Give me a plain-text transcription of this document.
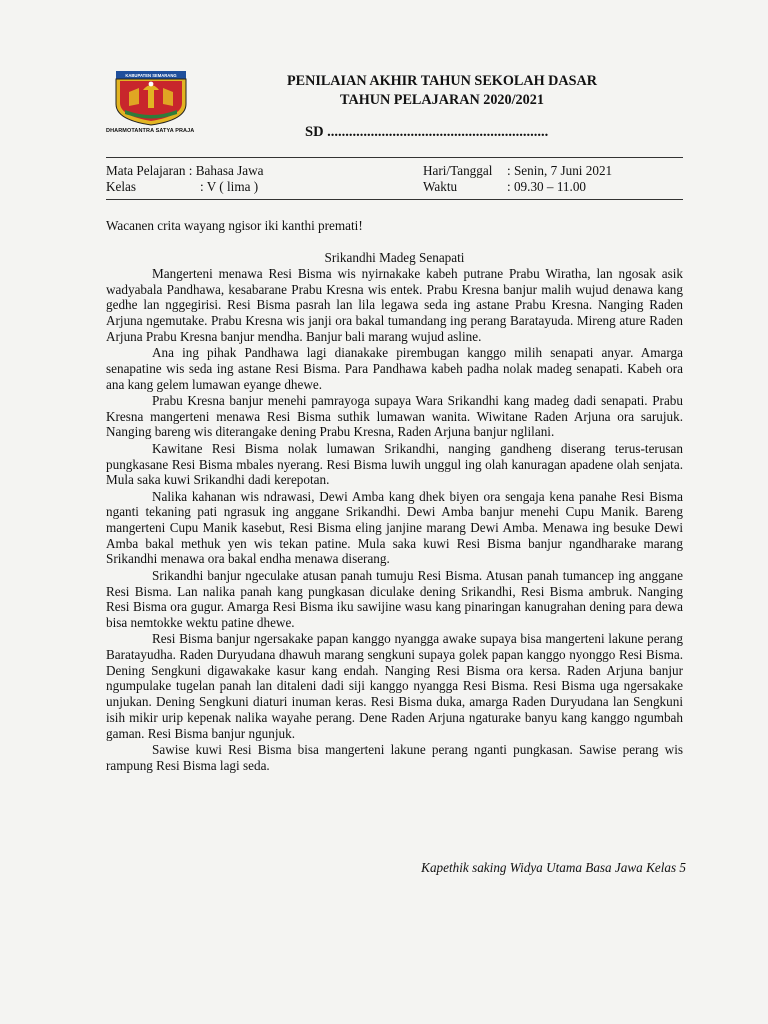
KABUPATEN SEMARANG
DHARMOTANTRA SATYA PRAJA
PENILAIAN AKHIR TAHUN SEKOLAH DASAR
TAHUN PELAJARAN 2020/2021
SD .............................................................
Mata Pelajaran : Bahasa Jawa
Kelas	: V ( lima )
Hari/Tanggal : Senin, 7 Juni 2021
Waktu	: 09.30 – 11.00
Wacanen crita wayang ngisor iki kanthi premati!
Srikandhi Madeg Senapati

Mangerteni menawa Resi Bisma wis nyirnakake kabeh putrane Prabu Wiratha, lan ngosak asik wadyabala Pandhawa, kesabarane Prabu Kresna wis entek. Prabu Kresna banjur malih wujud denawa kang gedhe lan nggegirisi. Resi Bisma pasrah lan lila legawa seda ing astane Prabu Kresna. Nanging Raden Arjuna ngemutake. Prabu Kresna wis janji ora bakal tumandang ing perang Baratayuda. Mireng ature Raden Arjuna Prabu Kresna banjur mendha. Banjur bali marang wujud asline.

Ana ing pihak Pandhawa lagi dianakake pirembugan kanggo milih senapati anyar. Amarga senapatine wis seda ing astane Resi Bisma. Para Pandhawa kabeh padha nolak madeg senapati. Kabeh ora ana kang gelem lumawan eyange dhewe.

Prabu Kresna banjur menehi pamrayoga supaya Wara Srikandhi kang madeg dadi senapati. Prabu Kresna mangerteni menawa Resi Bisma suthik lumawan wanita. Wiwitane Raden Arjuna ora sarujuk. Nanging bareng wis diterangake dening Prabu Kresna, Raden Arjuna banjur nglilani.

Kawitane Resi Bisma nolak lumawan Srikandhi, nanging gandheng diserang terus-terusan pungkasane Resi Bisma mbales nyerang. Resi Bisma luwih unggul ing olah kanuragan apadene olah senjata. Mula saka kuwi Srikandhi dadi kerepotan.

Nalika kahanan wis ndrawasi, Dewi Amba kang dhek biyen ora sengaja kena panahe Resi Bisma nganti tekaning pati ngrasuk ing anggane Srikandhi. Dewi Amba banjur menehi Cupu Manik. Bareng mangerteni Cupu Manik kasebut, Resi Bisma eling janjine marang Dewi Amba. Menawa ing besuke Dewi Amba bakal methuk yen wis tekan patine. Mula saka kuwi Resi Bisma banjur ngandharake marang Srikandhi menawa ora bakal endha menawa diserang.

Srikandhi banjur ngeculake atusan panah tumuju Resi Bisma. Atusan panah tumancep ing anggane Resi Bisma. Lan nalika panah kang pungkasan diculake dening Srikandhi, Resi Bisma ambruk. Nanging Resi Bisma ora gugur. Amarga Resi Bisma iku sawijine wasu kang pinaringan kanugrahan dening para dewa bisa nemtokke wektu patine dhewe.

Resi Bisma banjur ngersakake papan kanggo nyangga awake supaya bisa mangerteni lakune perang Baratayudha. Raden Duryudana dhawuh marang sengkuni supaya golek papan kanggo nyonggo Resi Bisma. Dening Sengkuni digawakake kasur kang endah. Nanging Resi Bisma ora kersa. Raden Arjuna banjur ngumpulake tugelan panah lan ditaleni dadi siji kanggo nyangga Resi Bisma. Resi Bisma uga ngersakake unjukan. Dening Sengkuni diaturi inuman keras. Resi Bisma duka, amarga Raden Duryudana lan Sengkuni isih mikir urip kepenak nalika wayahe perang. Dene Raden Arjuna ngaturake banyu kang kanggo ngumbah gaman. Resi Bisma banjur ngunjuk.

Sawise kuwi Resi Bisma bisa mangerteni lakune perang nganti pungkasan. Sawise perang wis rampung Resi Bisma lagi seda.

Kapethik saking Widya Utama Basa Jawa Kelas 5
